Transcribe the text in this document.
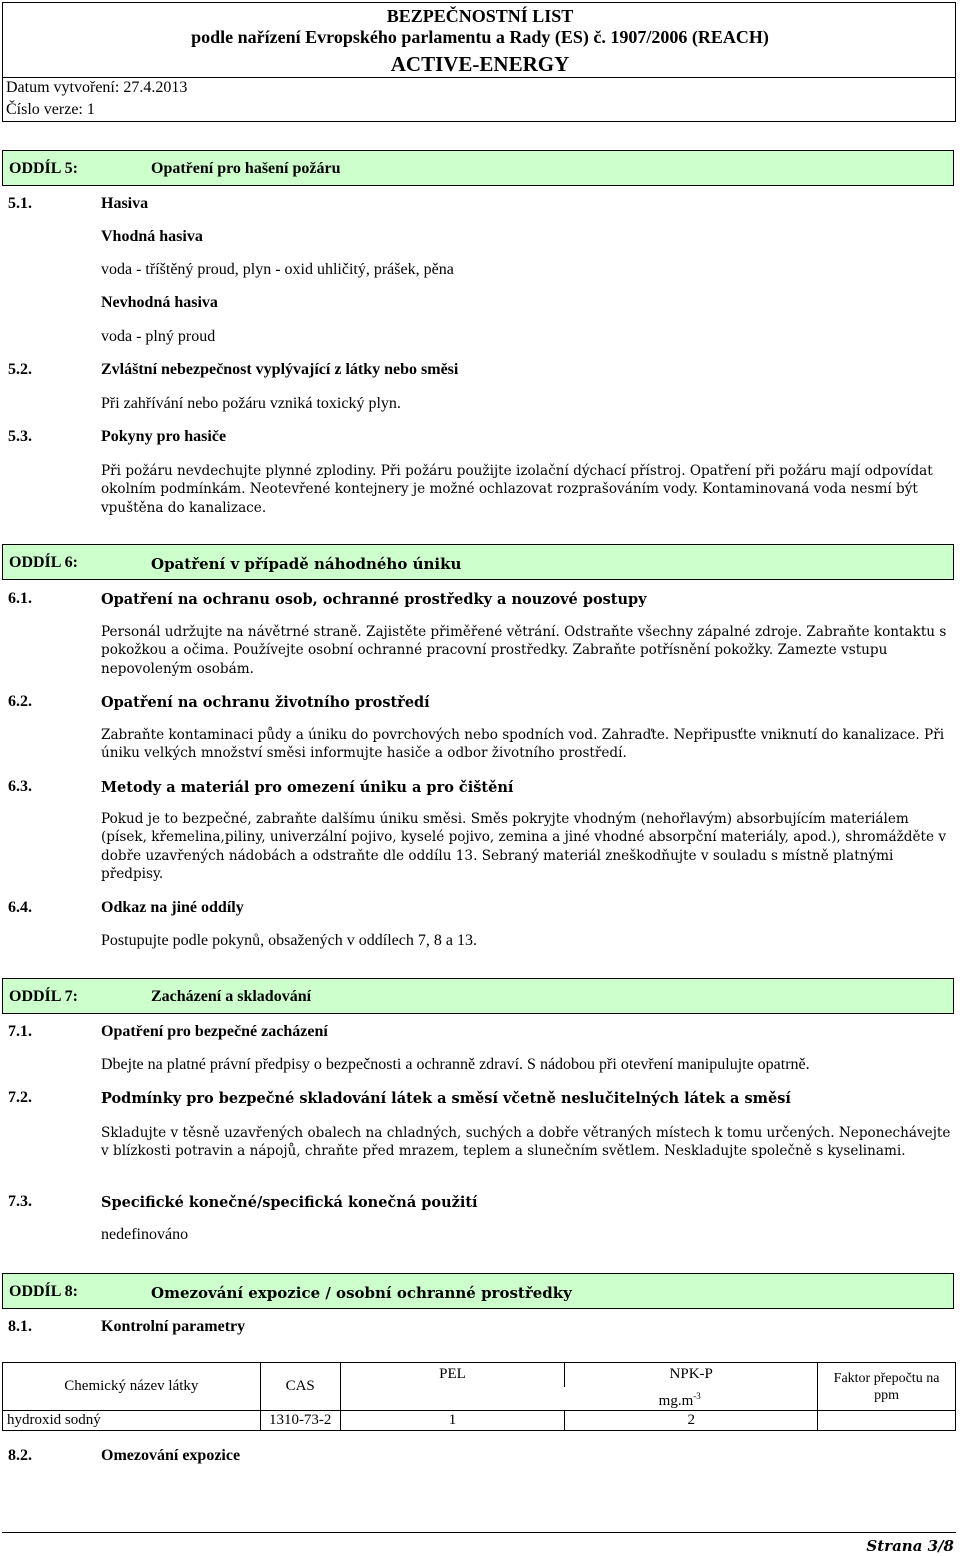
BEZPEČNOSTNÍ LIST
podle nařízení Evropského parlamentu a Rady (ES) č. 1907/2006 (REACH)
ACTIVE-ENERGY
Datum vytvoření: 27.4.2013
Číslo verze: 1
ODDÍL 5:	Opatření pro hašení požáru
5.1.	Hasiva
Vhodná hasiva
voda - tříštěný proud, plyn - oxid uhličitý, prášek, pěna
Nevhodná hasiva
voda - plný proud
5.2.	Zvláštní nebezpečnost vyplývající z látky nebo směsi
Při zahřívání nebo požáru vzniká toxický plyn.
5.3.	Pokyny pro hasiče
Při požáru nevdechujte plynné zplodiny. Při požáru použijte izolační dýchací přístroj. Opatření při požáru mají odpovídat okolním podmínkám. Neotevřené kontejnery je možné ochlazovat rozprašováním vody. Kontaminovaná voda nesmí být vpuštěna do kanalizace.
ODDÍL 6:	Opatření v případě náhodného úniku
6.1.	Opatření na ochranu osob, ochranné prostředky a nouzové postupy
Personál udržujte na návětrné straně. Zajistěte přiměřené větrání. Odstraňte všechny zápalné zdroje. Zabraňte kontaktu s pokožkou a očima. Používejte osobní ochranné pracovní prostředky. Zabraňte potřísnění pokožky. Zamezte vstupu nepovoleným osobám.
6.2.	Opatření na ochranu životního prostředí
Zabraňte kontaminaci půdy a úniku do povrchových nebo spodních vod. Zahraďte. Nepřipusťte vniknutí do kanalizace. Při úniku velkých množství směsi informujte hasiče a odbor životního prostředí.
6.3.	Metody a materiál pro omezení úniku a pro čištění
Pokud je to bezpečné, zabraňte dalšímu úniku směsi. Směs pokryjte vhodným (nehořlavým) absorbujícím materiálem (písek, křemelina,piliny, univerzální pojivo, kyselé pojivo, zemina a jiné vhodné absorpční materiály, apod.), shromážděte v dobře uzavřených nádobách a odstraňte dle oddílu 13. Sebraný materiál zneškodňujte v souladu s místně platnými předpisy.
6.4.	Odkaz na jiné oddíly
Postupujte podle pokynů, obsažených v oddílech 7, 8 a 13.
ODDÍL 7:	Zacházení a skladování
7.1.	Opatření pro bezpečné zacházení
Dbejte na platné právní předpisy o bezpečnosti a ochranně zdraví. S nádobou při otevření manipulujte opatrně.
7.2.	Podmínky pro bezpečné skladování látek a směsí včetně neslučitelných látek a směsí
Skladujte v těsně uzavřených obalech na chladných, suchých a dobře větraných místech k tomu určených. Neponechávejte v blízkosti potravin a nápojů, chraňte před mrazem, teplem a slunečním světlem. Neskladujte společně s kyselinami.
7.3.	Specifické konečné/specifická konečná použití
nedefinováno
ODDÍL 8:	Omezování expozice / osobní ochranné prostředky
8.1.	Kontrolní parametry
Chemický název látky	CAS	PEL	NPK-P	Faktor přepočtu na ppm

		$mg.m^{-3}$

hydroxid sodný	1310-73-2	1	2	
8.2.	Omezování expozice
Strana 3/8
